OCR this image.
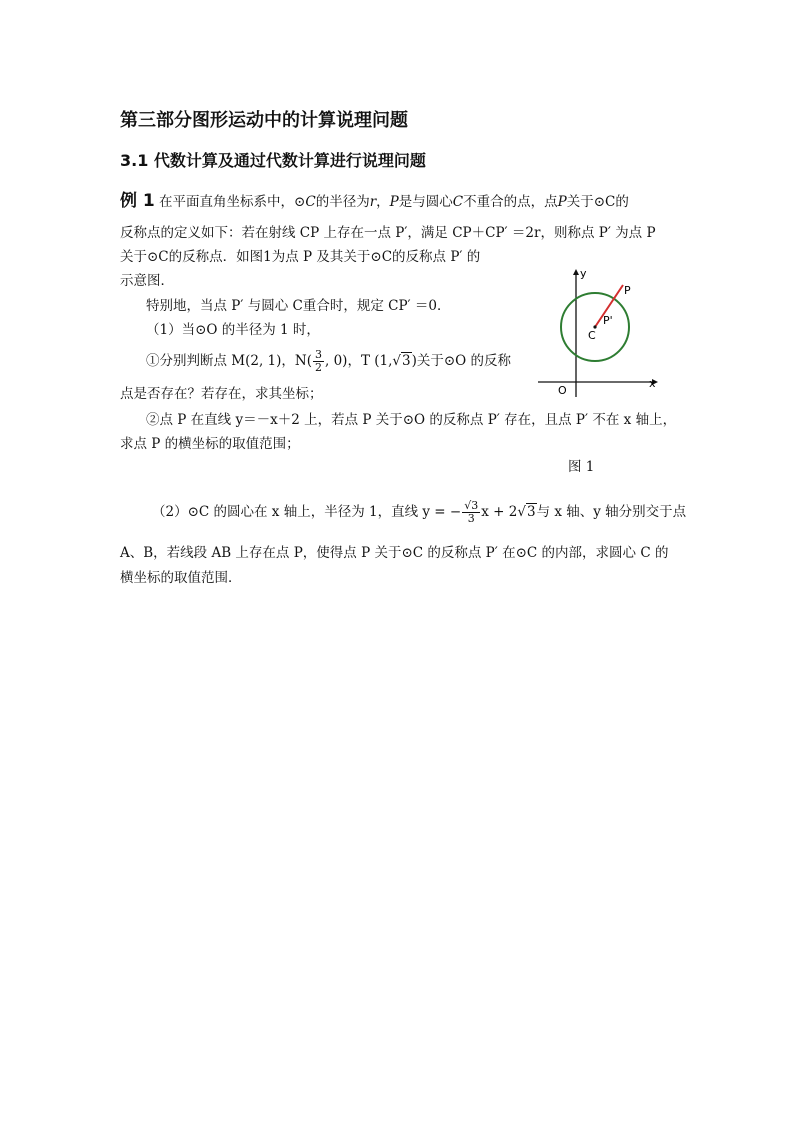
第三部分图形运动中的计算说理问题
3.1 代数计算及通过代数计算进行说理问题
例 1 在平面直角坐标系中，⊙C的半径为r，P是与圆心C不重合的点，点P关于⊙C的
反称点的定义如下：若在射线 CP 上存在一点 P′，满足 CP＋CP′ ＝2r，则称点 P′ 为点 P
关于⊙C的反称点．如图1为点 P 及其关于⊙C的反称点 P′ 的
示意图．
特别地，当点 P′ 与圆心 C重合时，规定 CP′ ＝0．
（1）当⊙O 的半径为 1 时，
①分别判断点 M(2, 1)，$N( \frac{3}{2}$ , 0)，T (1,√3)关于⊙O 的反称
点是否存在？若存在，求其坐标；
②点 P 在直线 y＝－x＋2 上，若点 P 关于⊙O 的反称点 P′ 存在，且点 P′ 不在 x 轴上，
求点 P 的横坐标的取值范围；
图 1
（2）⊙C 的圆心在 x 轴上，半径为 1，直线 y = − $\frac{√3}{3}$ x + 2√3与 x 轴、y 轴分别交于点
A、B，若线段 AB 上存在点 P，使得点 P 关于⊙C 的反称点 P′ 在⊙C 的内部，求圆心 C 的
横坐标的取值范围．
x
y
O
C
P
P'
